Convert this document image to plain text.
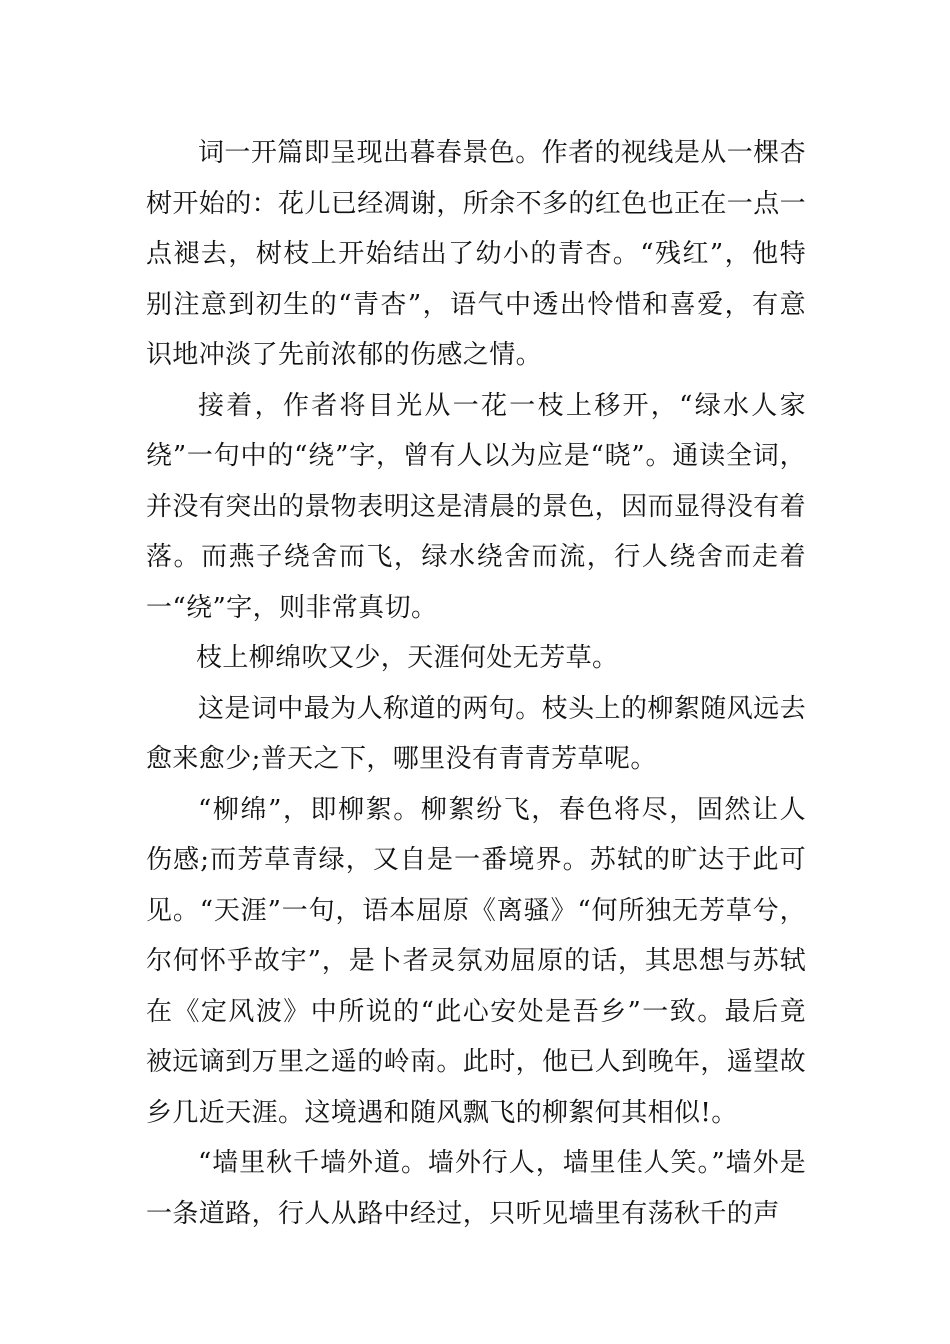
词一开篇即呈现出暮春景色。作者的视线是从一棵杏树开始的：花儿已经凋谢，所余不多的红色也正在一点一点褪去，树枝上开始结出了幼小的青杏。“残红”，他特别注意到初生的“青杏”，语气中透出怜惜和喜爱，有意识地冲淡了先前浓郁的伤感之情。

接着，作者将目光从一花一枝上移开，“绿水人家绕”一句中的“绕”字，曾有人以为应是“晓”。通读全词，并没有突出的景物表明这是清晨的景色，因而显得没有着落。而燕子绕舍而飞，绿水绕舍而流，行人绕舍而走着一“绕”字，则非常真切。

枝上柳绵吹又少，天涯何处无芳草。

这是词中最为人称道的两句。枝头上的柳絮随风远去愈来愈少;普天之下，哪里没有青青芳草呢。

“柳绵”，即柳絮。柳絮纷飞，春色将尽，固然让人伤感;而芳草青绿，又自是一番境界。苏轼的旷达于此可见。“天涯”一句，语本屈原《离骚》“何所独无芳草兮，尔何怀乎故宇”，是卜者灵氛劝屈原的话，其思想与苏轼在《定风波》中所说的“此心安处是吾乡”一致。最后竟被远谪到万里之遥的岭南。此时，他已人到晚年，遥望故乡几近天涯。这境遇和随风飘飞的柳絮何其相似!。

“墙里秋千墙外道。墙外行人，墙里佳人笑。”墙外是一条道路，行人从路中经过，只听见墙里有荡秋千的声
